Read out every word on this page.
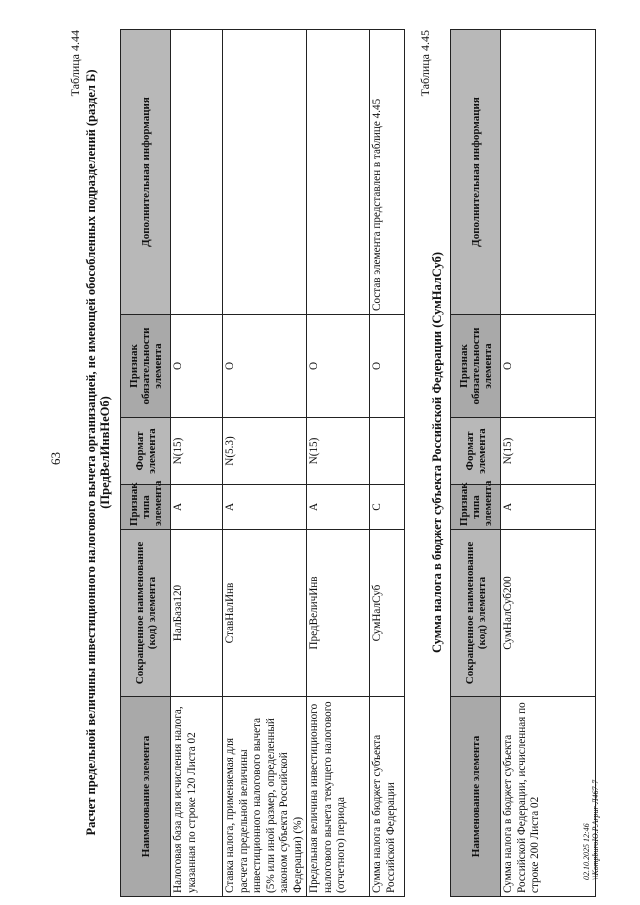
63
Таблица 4.44
Расчет предельной величины инвестиционного налогового вычета организацией, не имеющей обособленных подразделений (раздел Б) (ПредВелИнвНеОб)
Наименование элемента	Сокращенное наименование (код) элемента	Признак типа элемента	Формат элемента	Признак обязательности элемента	Дополнительная информация
Налоговая база для исчисления налога, указанная по строке 120 Листа 02	НалБаза120	А	N(15)	О	
Ставка налога, применяемая для расчета предельной величины инвестиционного налогового вычета (5% или иной размер, определенный законом субъекта Российской Федерации) (%)	СтавНалИнв	А	N(5.3)	О	
Предельная величина инвестиционного налогового вычета текущего налогового (отчетного) периода	ПредВеличИнв	А	N(15)	О	
Сумма налога в бюджет субъекта Российской Федерации	СумНалСуб	С		О	Состав элемента представлен в таблице 4.45
Таблица 4.45
Сумма налога в бюджет субъекта Российской Федерации (СумНалСуб)
Наименование элемента	Сокращенное наименование (код) элемента	Признак типа элемента	Формат элемента	Признак обязательности элемента	Дополнительная информация
Сумма налога в бюджет субъекта Российской Федерации, исчисленная по строке 200 Листа 02	СумНалСуб200	А	N(15)	О	
02.10.2025 12:46 \\KompburoЮ.P.Arpur-Л467-7
